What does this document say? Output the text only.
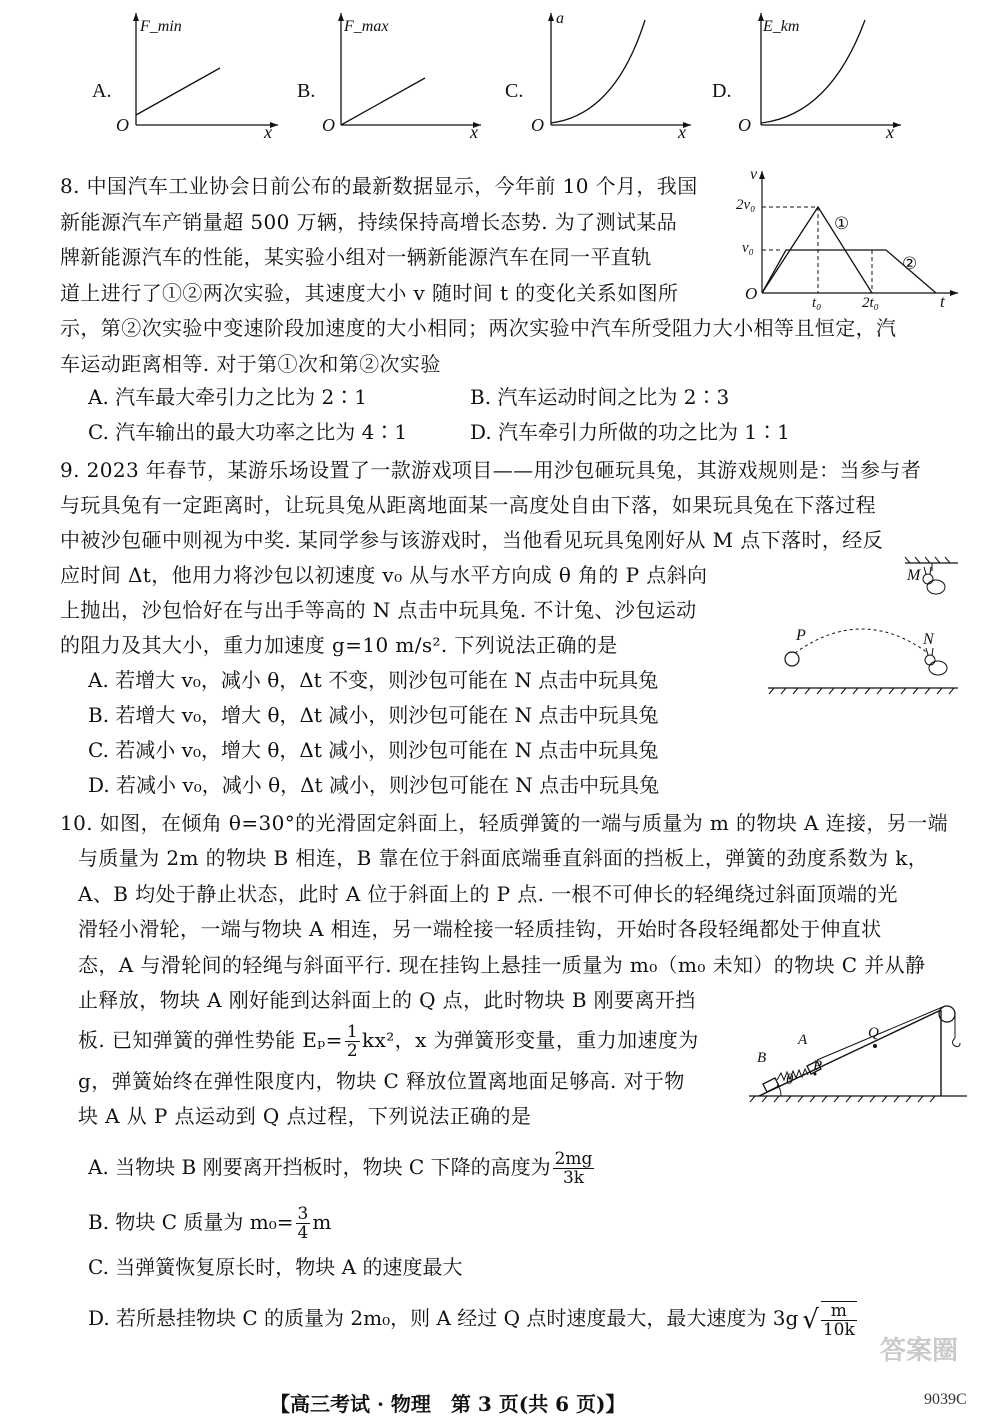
A.
F_min
O	x
B.
F_max
O	x
C.
a
O	x
D.
E_km
O	x
8. 中国汽车工业协会日前公布的最新数据显示，今年前 10 个月，我国
新能源汽车产销量超 500 万辆，持续保持高增长态势. 为了测试某品
牌新能源汽车的性能，某实验小组对一辆新能源汽车在同一平直轨
道上进行了①②两次实验，其速度大小 v 随时间 t 的变化关系如图所
示，第②次实验中变速阶段加速度的大小相同；两次实验中汽车所受阻力大小相等且恒定，汽
车运动距离相等. 对于第①次和第②次实验
A. 汽车最大牵引力之比为 2∶1	B. 汽车运动时间之比为 2∶3
C. 汽车输出的最大功率之比为 4∶1	D. 汽车牵引力所做的功之比为 1∶1
v
t
O
2v₀
v₀
t₀	2t₀
①
②
9. 2023 年春节，某游乐场设置了一款游戏项目——用沙包砸玩具兔，其游戏规则是：当参与者
与玩具兔有一定距离时，让玩具兔从距离地面某一高度处自由下落，如果玩具兔在下落过程
中被沙包砸中则视为中奖. 某同学参与该游戏时，当他看见玩具兔刚好从 M 点下落时，经反
应时间 Δt，他用力将沙包以初速度 v₀ 从与水平方向成 θ 角的 P 点斜向
上抛出，沙包恰好在与出手等高的 N 点击中玩具兔. 不计兔、沙包运动
的阻力及其大小，重力加速度 g=10 m/s². 下列说法正确的是
A. 若增大 v₀，减小 θ，Δt 不变，则沙包可能在 N 点击中玩具兔
B. 若增大 v₀，增大 θ，Δt 减小，则沙包可能在 N 点击中玩具兔
C. 若减小 v₀，增大 θ，Δt 减小，则沙包可能在 N 点击中玩具兔
D. 若减小 v₀，减小 θ，Δt 减小，则沙包可能在 N 点击中玩具兔
M
P	N
10. 如图，在倾角 θ=30°的光滑固定斜面上，轻质弹簧的一端与质量为 m 的物块 A 连接，另一端
与质量为 2m 的物块 B 相连，B 靠在位于斜面底端垂直斜面的挡板上，弹簧的劲度系数为 k，
A、B 均处于静止状态，此时 A 位于斜面上的 P 点. 一根不可伸长的轻绳绕过斜面顶端的光
滑轻小滑轮，一端与物块 A 相连，另一端栓接一轻质挂钩，开始时各段轻绳都处于伸直状
态，A 与滑轮间的轻绳与斜面平行. 现在挂钩上悬挂一质量为 m₀（m₀ 未知）的物块 C 并从静
止释放，物块 A 刚好能到达斜面上的 Q 点，此时物块 B 刚要离开挡
板. 已知弹簧的弹性势能 $E_p= \frac{1}{2} kx^2$，x 为弹簧形变量，重力加速度为
g，弹簧始终在弹性限度内，物块 C 释放位置离地面足够高. 对于物
块 A 从 P 点运动到 Q 点过程，下列说法正确的是
A. 当物块 B 刚要离开挡板时，物块 C 下降的高度为 $\frac{2mg}{3k}$
B. 物块 C 质量为 $m_0= \frac{3}{4}$ m
C. 当弹簧恢复原长时，物块 A 的速度最大
D. 若所悬挂物块 C 的质量为 2m₀，则 A 经过 Q 点时速度最大，最大速度为 3g √ $\frac{m}{10k}$
A
B	P
Q
θ
答案圈
【高三考试 · 物理　第 3 页(共 6 页)】	9039C
